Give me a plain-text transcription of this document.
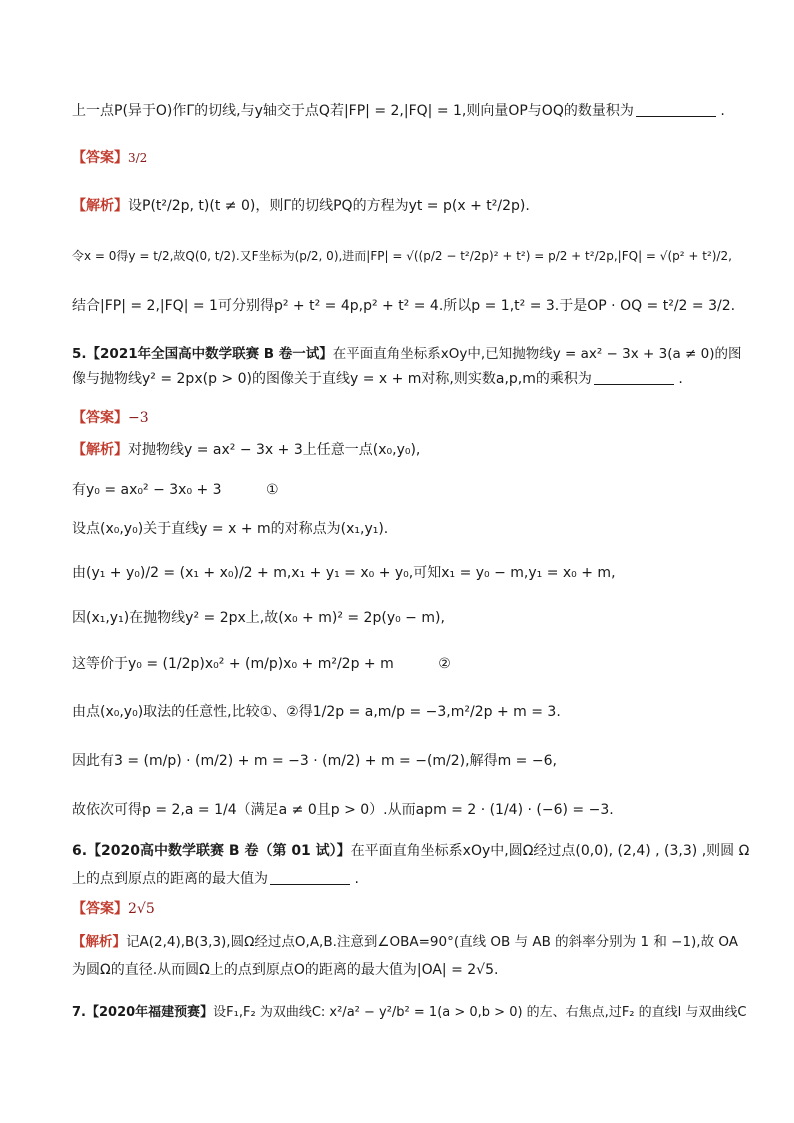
上一点P(异于O)作Γ的切线,与y轴交于点Q若|FP| = 2,|FQ| = 1,则向量OP与OQ的数量积为	.
【答案】3/2
【解析】设P(t²/2p, t)(t ≠ 0)，则Γ的切线PQ的方程为yt = p(x + t²/2p).
令x = 0得y = t/2,故Q(0, t/2).又F坐标为(p/2, 0),进而|FP| = √((p/2 − t²/2p)² + t²) = p/2 + t²/2p,|FQ| = √(p² + t²)/2,
结合|FP| = 2,|FQ| = 1可分别得p² + t² = 4p,p² + t² = 4.所以p = 1,t² = 3.于是OP · OQ = t²/2 = 3/2.
5.【2021年全国高中数学联赛 B 卷一试】在平面直角坐标系xOy中,已知抛物线y = ax² − 3x + 3(a ≠ 0)的图
像与抛物线y² = 2px(p > 0)的图像关于直线y = x + m对称,则实数a,p,m的乘积为	.
【答案】−3
【解析】对抛物线y = ax² − 3x + 3上任意一点(x₀,y₀),
有y₀ = ax₀² − 3x₀ + 3	①
设点(x₀,y₀)关于直线y = x + m的对称点为(x₁,y₁).
由(y₁ + y₀)/2 = (x₁ + x₀)/2 + m,x₁ + y₁ = x₀ + y₀,可知x₁ = y₀ − m,y₁ = x₀ + m,
因(x₁,y₁)在抛物线y² = 2px上,故(x₀ + m)² = 2p(y₀ − m),
这等价于y₀ = (1/2p)x₀² + (m/p)x₀ + m²/2p + m	②
由点(x₀,y₀)取法的任意性,比较①、②得1/2p = a,m/p = −3,m²/2p + m = 3.
因此有3 = (m/p) · (m/2) + m = −3 · (m/2) + m = −(m/2),解得m = −6,
故依次可得p = 2,a = 1/4（满足a ≠ 0且p > 0）.从而apm = 2 · (1/4) · (−6) = −3.
6.【2020高中数学联赛 B 卷（第 01 试）】在平面直角坐标系xOy中,圆Ω经过点(0,0), (2,4) , (3,3) ,则圆 Ω
上的点到原点的距离的最大值为	.
【答案】2√5
【解析】记A(2,4),B(3,3),圆Ω经过点O,A,B.注意到∠OBA=90°(直线 OB 与 AB 的斜率分别为 1 和 −1),故 OA
为圆Ω的直径.从而圆Ω上的点到原点O的距离的最大值为|OA| = 2√5.
7.【2020年福建预赛】设F₁,F₂ 为双曲线C: x²/a² − y²/b² = 1(a > 0,b > 0) 的左、右焦点,过F₂ 的直线l 与双曲线C
